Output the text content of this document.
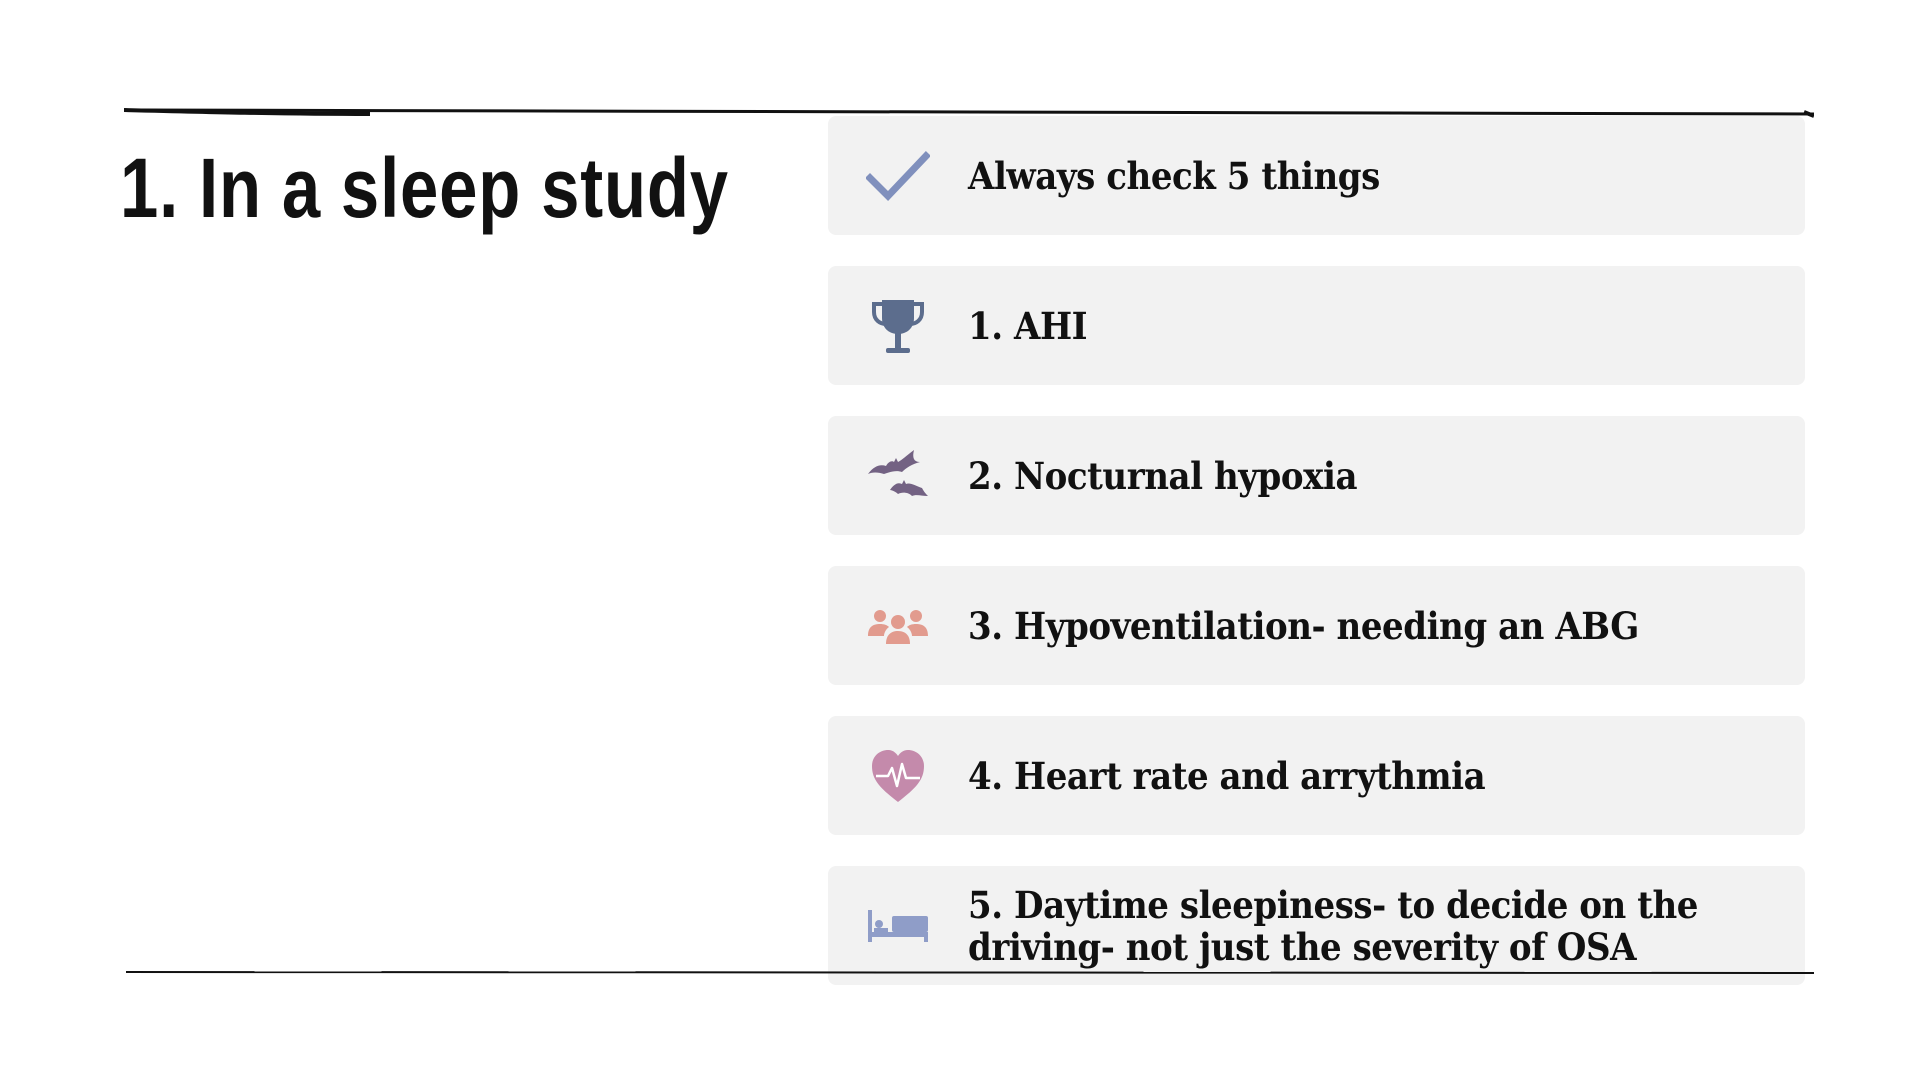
1. In a sleep study	Always check 5 things
1. AHI
2. Nocturnal hypoxia
3. Hypoventilation- needing an ABG
4. Heart rate and arrythmia
5. Daytime sleepiness- to decide on the driving- not just the severity of OSA
